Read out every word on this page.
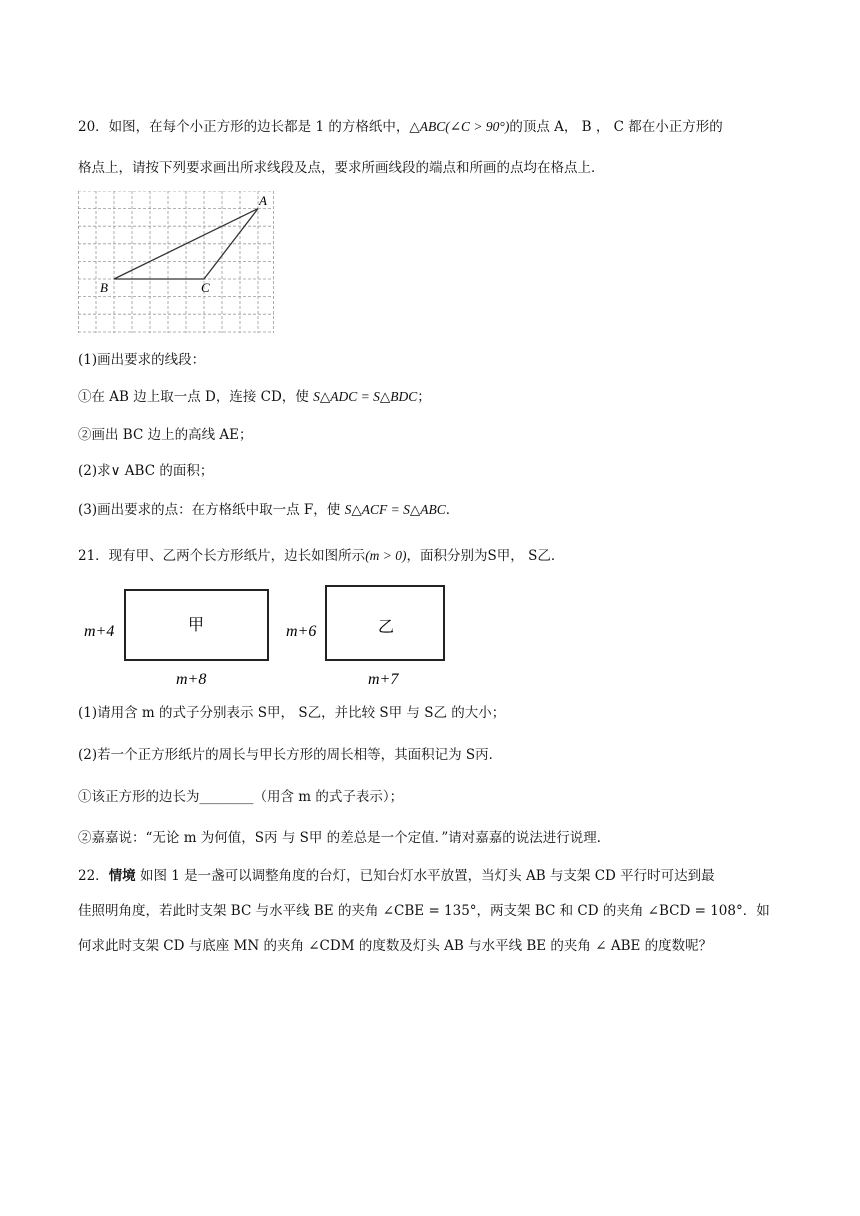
20．如图，在每个小正方形的边长都是 1 的方格纸中，△ABC(∠C > 90°)的顶点 A， B ， C 都在小正方形的
格点上，请按下列要求画出所求线段及点，要求所画线段的端点和所画的点均在格点上．
A
B	C
(1)画出要求的线段：
①在 AB 边上取一点 D，连接 CD，使 S△ADC = S△BDC；
②画出 BC 边上的高线 AE；
(2)求∨ ABC 的面积；
(3)画出要求的点：在方格纸中取一点 F，使 S△ACF = S△ABC．
21．现有甲、乙两个长方形纸片，边长如图所示(m > 0)，面积分别为S甲， S乙．
甲
m+4
m+8
乙
m+6
m+7
(1)请用含 m 的式子分别表示 S甲， S乙，并比较 S甲 与 S乙 的大小；
(2)若一个正方形纸片的周长与甲长方形的周长相等，其面积记为 S丙．
①该正方形的边长为________（用含 m 的式子表示）；
②嘉嘉说：“无论 m 为何值，S丙 与 S甲 的差总是一个定值．”请对嘉嘉的说法进行说理．
22．情境 如图 1 是一盏可以调整角度的台灯，已知台灯水平放置，当灯头 AB 与支架 CD 平行时可达到最
佳照明角度，若此时支架 BC 与水平线 BE 的夹角 ∠CBE = 135°，两支架 BC 和 CD 的夹角 ∠BCD = 108°．如
何求此时支架 CD 与底座 MN 的夹角 ∠CDM 的度数及灯头 AB 与水平线 BE 的夹角 ∠ ABE 的度数呢？
